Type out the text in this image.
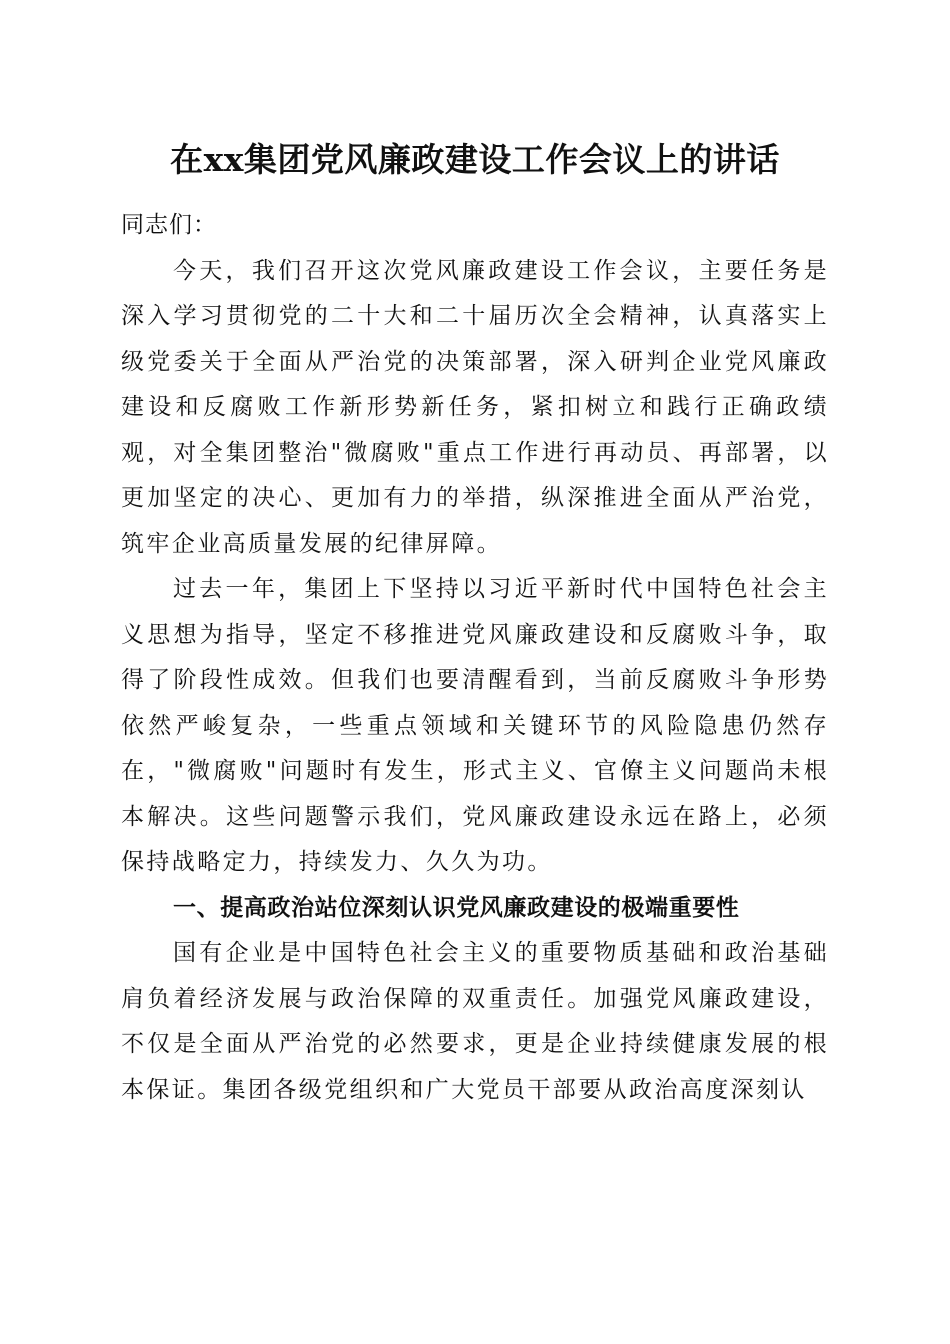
在xx集团党风廉政建设工作会议上的讲话

同志们：

今天，我们召开这次党风廉政建设工作会议，主要任务是深入学习贯彻党的二十大和二十届历次全会精神，认真落实上级党委关于全面从严治党的决策部署，深入研判企业党风廉政建设和反腐败工作新形势新任务，紧扣树立和践行正确政绩观，对全集团整治"微腐败"重点工作进行再动员、再部署，以更加坚定的决心、更加有力的举措，纵深推进全面从严治党，筑牢企业高质量发展的纪律屏障。

过去一年，集团上下坚持以习近平新时代中国特色社会主义思想为指导，坚定不移推进党风廉政建设和反腐败斗争，取得了阶段性成效。但我们也要清醒看到，当前反腐败斗争形势依然严峻复杂，一些重点领域和关键环节的风险隐患仍然存在，"微腐败"问题时有发生，形式主义、官僚主义问题尚未根本解决。这些问题警示我们，党风廉政建设永远在路上，必须保持战略定力，持续发力、久久为功。

一、提高政治站位深刻认识党风廉政建设的极端重要性

国有企业是中国特色社会主义的重要物质基础和政治基础肩负着经济发展与政治保障的双重责任。加强党风廉政建设，不仅是全面从严治党的必然要求，更是企业持续健康发展的根本保证。集团各级党组织和广大党员干部要从政治高度深刻认
